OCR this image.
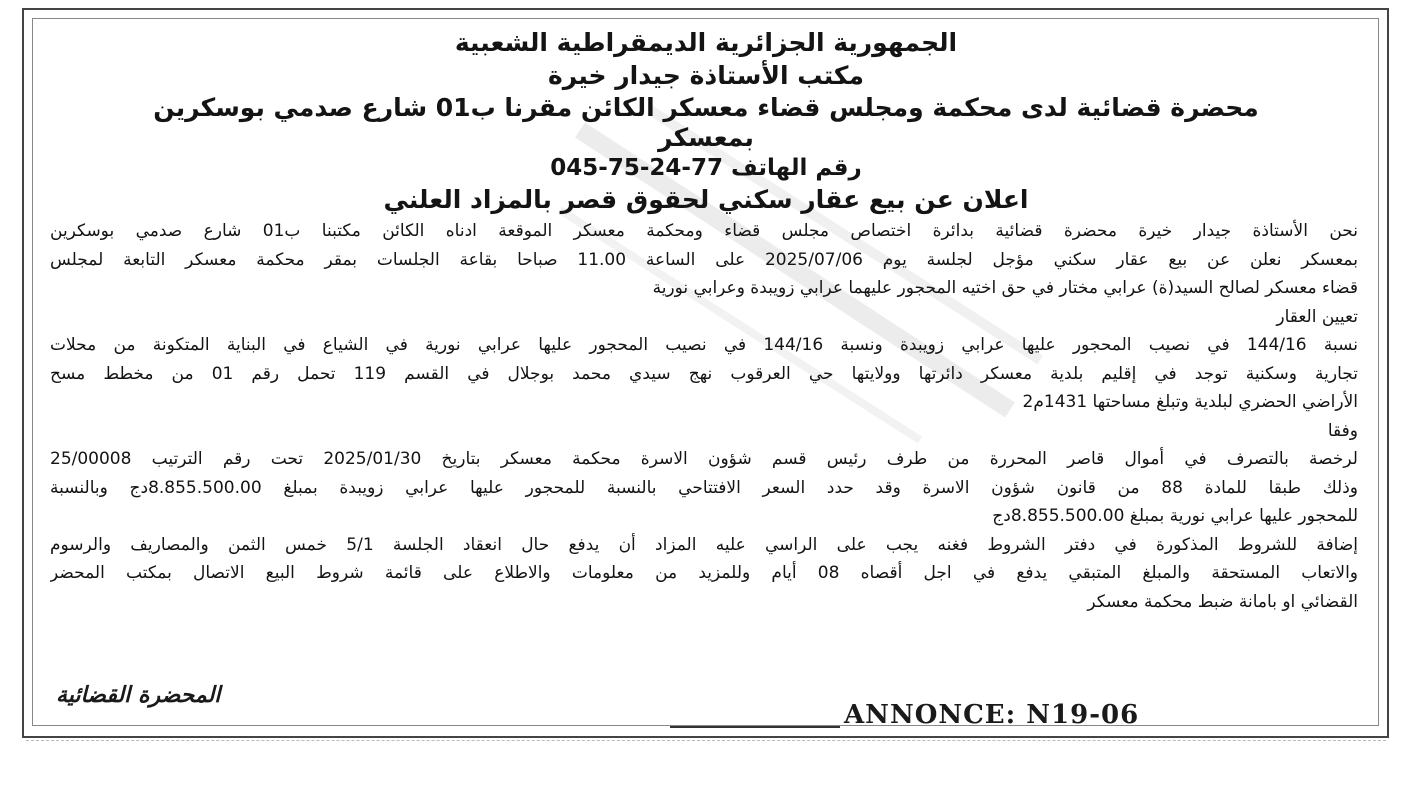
الجمهورية الجزائرية الديمقراطية الشعبية
مكتب الأستاذة جيدار خيرة
محضرة قضائية لدى محكمة ومجلس قضاء معسكر الكائن مقرنا ب01 شارع صدمي بوسكرين
بمعسكر
رقم الهاتف 77-24-75-045
اعلان عن بيع عقار سكني لحقوق قصر بالمزاد العلني
نحن الأستاذة جيدار خيرة محضرة قضائية بدائرة اختصاص مجلس قضاء ومحكمة معسكر الموقعة ادناه الكائن مكتبنا ب01 شارع صدمي بوسكرين
بمعسكر نعلن عن بيع عقار سكني مؤجل لجلسة يوم 2025/07/06 على الساعة 11.00 صباحا بقاعة الجلسات بمقر محكمة معسكر التابعة لمجلس
قضاء معسكر لصالح السيد(ة) عرابي مختار في حق اختيه المحجور عليهما عرابي زويبدة وعرابي نورية
تعيين العقار
نسبة 144/16 في نصيب المحجور عليها عرابي زويبدة ونسبة 144/16 في نصيب المحجور عليها عرابي نورية في الشياع في البناية المتكونة من محلات
تجارية وسكنية توجد في إقليم بلدية معسكر دائرتها وولايتها حي العرقوب نهج سيدي محمد بوجلال في القسم 119 تحمل رقم 01 من مخطط مسح
الأراضي الحضري لبلدية وتبلغ مساحتها 1431م2
وفقا
لرخصة بالتصرف في أموال قاصر المحررة من طرف رئيس قسم شؤون الاسرة محكمة معسكر بتاريخ 2025/01/30 تحت رقم الترتيب 25/00008
وذلك طبقا للمادة 88 من قانون شؤون الاسرة وقد حدد السعر الافتتاحي بالنسبة للمحجور عليها عرابي زويبدة بمبلغ 8.855.500.00دج وبالنسبة
للمحجور عليها عرابي نورية بمبلغ 8.855.500.00دج
إضافة للشروط المذكورة في دفتر الشروط فغنه يجب على الراسي عليه المزاد أن يدفع حال انعقاد الجلسة 5/1 خمس الثمن والمصاريف والرسوم
والاتعاب المستحقة والمبلغ المتبقي يدفع في اجل أقصاه 08 أيام وللمزيد من معلومات والاطلاع على قائمة شروط البيع الاتصال بمكتب المحضر
القضائي او بامانة ضبط محكمة معسكر
المحضرة القضائية
ANNONCE: N19-06
